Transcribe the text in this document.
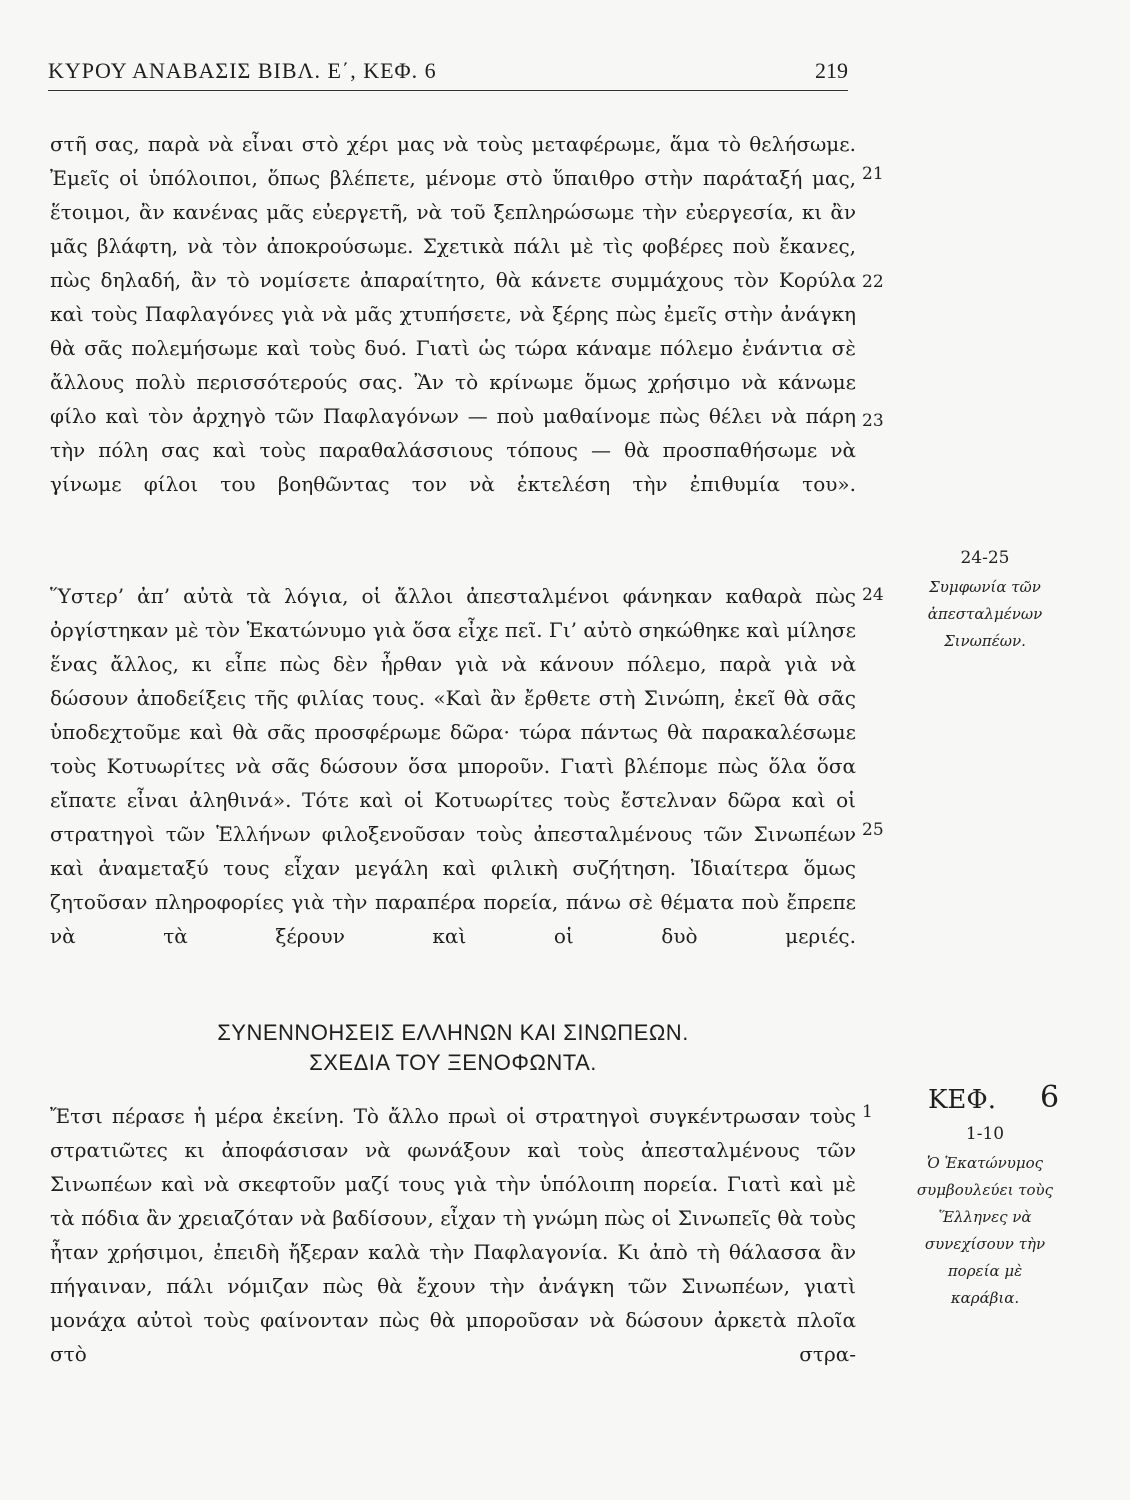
ΚΥΡΟΥ ΑΝΑΒΑΣΙΣ ΒΙΒΛ. Ε΄, ΚΕΦ. 6	219

στῆ σας, παρὰ νὰ εἶναι στὸ χέρι μας νὰ τοὺς μεταφέρωμε, ἅμα τὸ θελήσωμε. Ἐμεῖς οἱ ὑπόλοιποι, ὅπως βλέπετε, μένομε στὸ ὕπαιθρο στὴν παράταξή μας, ἕτοιμοι, ἂν κανένας μᾶς εὐεργετῆ, νὰ τοῦ ξεπληρώσωμε τὴν εὐεργεσία, κι ἂν μᾶς βλάφτη, νὰ τὸν ἀποκρούσωμε. Σχετικὰ πάλι μὲ τὶς φοβέρες ποὺ ἔκανες, πὼς δηλαδή, ἂν τὸ νομίσετε ἀπαραίτητο, θὰ κάνετε συμμάχους τὸν Κορύλα καὶ τοὺς Παφλαγόνες γιὰ νὰ μᾶς χτυπήσετε, νὰ ξέρης πὼς ἐμεῖς στὴν ἀνάγκη θὰ σᾶς πολεμήσωμε καὶ τοὺς δυό. Γιατὶ ὡς τώρα κάναμε πόλεμο ἐνάντια σὲ ἄλλους πολὺ περισσότερούς σας. Ἂν τὸ κρίνωμε ὅμως χρήσιμο νὰ κάνωμε φίλο καὶ τὸν ἀρχηγὸ τῶν Παφλαγόνων — ποὺ μαθαίνομε πὼς θέλει νὰ πάρη τὴν πόλη σας καὶ τοὺς παραθαλάσσιους τόπους — θὰ προσπαθήσωμε νὰ γίνωμε φίλοι του βοηθῶντας τον νὰ ἐκτελέση τὴν ἐπιθυμία του».

Ὕστερ’ ἀπ’ αὐτὰ τὰ λόγια, οἱ ἄλλοι ἀπεσταλμένοι φάνηκαν καθαρὰ πὼς ὀργίστηκαν μὲ τὸν Ἑκατώνυμο γιὰ ὅσα εἶχε πεῖ. Γι’ αὐτὸ σηκώθηκε καὶ μίλησε ἕνας ἄλλος, κι εἶπε πὼς δὲν ἦρθαν γιὰ νὰ κάνουν πόλεμο, παρὰ γιὰ νὰ δώσουν ἀποδείξεις τῆς φιλίας τους. «Καὶ ἂν ἔρθετε στὴ Σινώπη, ἐκεῖ θὰ σᾶς ὑποδεχτοῦμε καὶ θὰ σᾶς προσφέρωμε δῶρα· τώρα πάντως θὰ παρακαλέσωμε τοὺς Κοτυωρίτες νὰ σᾶς δώσουν ὅσα μποροῦν. Γιατὶ βλέπομε πὼς ὅλα ὅσα εἴπατε εἶναι ἀληθινά». Τότε καὶ οἱ Κοτυωρίτες τοὺς ἔστελναν δῶρα καὶ οἱ στρατηγοὶ τῶν Ἑλλήνων φιλοξενοῦσαν τοὺς ἀπεσταλμένους τῶν Σινωπέων καὶ ἀναμεταξύ τους εἶχαν μεγάλη καὶ φιλικὴ συζήτηση. Ἰδιαίτερα ὅμως ζητοῦσαν πληροφορίες γιὰ τὴν παραπέρα πορεία, πάνω σὲ θέματα ποὺ ἔπρεπε νὰ τὰ ξέρουν καὶ οἱ δυὸ μεριές.

ΣΥΝΕΝΝΟΗΣΕΙΣ ΕΛΛΗΝΩΝ ΚΑΙ ΣΙΝΩΠΕΩΝ.
ΣΧΕΔΙΑ ΤΟΥ ΞΕΝΟΦΩΝΤΑ.

Ἔτσι πέρασε ἡ μέρα ἐκείνη. Τὸ ἄλλο πρωὶ οἱ στρατηγοὶ συγκέντρωσαν τοὺς στρατιῶτες κι ἀποφάσισαν νὰ φωνάξουν καὶ τοὺς ἀπεσταλμένους τῶν Σινωπέων καὶ νὰ σκεφτοῦν μαζί τους γιὰ τὴν ὑπόλοιπη πορεία. Γιατὶ καὶ μὲ τὰ πόδια ἂν χρειαζόταν νὰ βαδίσουν, εἶχαν τὴ γνώμη πὼς οἱ Σινωπεῖς θὰ τοὺς ἦταν χρήσιμοι, ἐπειδὴ ἤξεραν καλὰ τὴν Παφλαγονία. Κι ἀπὸ τὴ θάλασσα ἂν πήγαιναν, πάλι νόμιζαν πὼς θὰ ἔχουν τὴν ἀνάγκη τῶν Σινωπέων, γιατὶ μονάχα αὐτοὶ τοὺς φαίνονταν πὼς θὰ μποροῦσαν νὰ δώσουν ἀρκετὰ πλοῖα στὸ στρα-

21
22
23
24
25
1
24-25
Συμφωνία τῶν ἀπεσταλμένων Σινωπέων.
ΚΕΦ. 6
1-10
Ὁ Ἑκατώνυμος συμβουλεύει τοὺς Ἕλληνες νὰ συνεχίσουν τὴν πορεία μὲ καράβια.
